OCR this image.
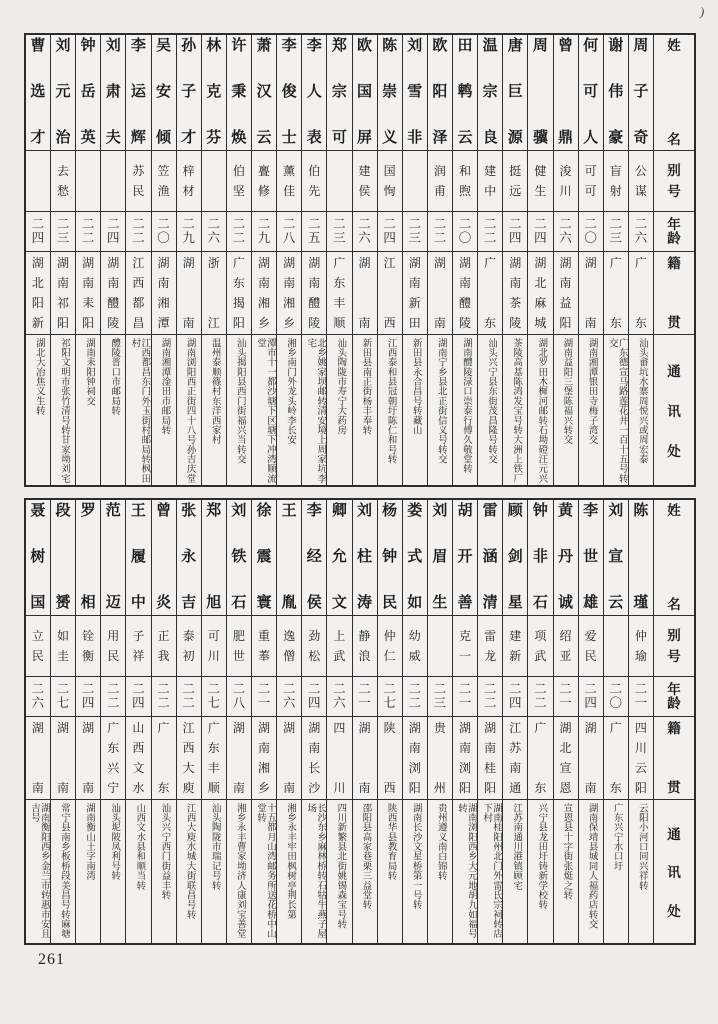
)
姓
名
别
号
年
龄
籍
贯
通
讯
处
周
子
奇
公
谋
二
六
广
东
汕头畲坑水寨周悦兴或周宏泰
谢
伟
豪
盲
射
二
三
广
东
广东德宣马路莲花井一百十五号转交
何
可
人
可
可
二
〇
湖
南
湖南湘潭银田寺梅子湾交
曾
鼎
浚
川
二
六
湖
南
益
阳
湖南益阳三堡陈福兴转交
周
骥
健
生
二
四
湖
北
麻
城
湖北罗田木樨河邮转石坳磴汪元兴
唐
巨
源
挺
远
二
四
湖
南
茶
陵
茶陵高基陈鸿发宝号转大洲上铁厂
温
宗
良
建
中
二
二
广
东
汕头兴宁县东街茂昌隆号转交
田
鹎
云
和
煦
二
〇
湖
南
醴
陵
湖南醴陵渌口崇泰行傅久敬堂转
欧
阳
泽
润
甫
二
二
湖
南
湖南宁乡县北正街信义号转交
刘
雪
非
二
三
湖
南
新
田
新田县永合昌号转藏山
陈
崇
义
国
恂
二
四
江
西
江西泰和县冠朝圩陈仁和号转
欧
国
屏
建
侯
二
六
湖
南
新田县南正街杨丰奉转
郑
宗
可
二
三
广
东
丰
顺
汕头陶陇市寿宁大药房
李
人
表
伯
先
二
五
湖
南
醴
陵
北乡姚家坝邮转清安境上周家坑李宅
李
俊
士
薰
佳
二
八
湖
南
湘
乡
湘乡南门外龙头岭李长安
萧
汉
云
亹
修
二
九
湖
南
湘
乡
潭市十一都沙塘下区塘下冲湾顺流堂
许
秉
焕
伯
坚
二
二
广
东
揭
阳
汕头揭阳县西门街福兴当转交
林
克
芬
二
六
浙
江
温州泰顺篠村东洋西家村
孙
子
才
梓
材
二
九
湖
南
湖南浏阳西正街四十八号孙吉庆堂
吴
安
倾
笠
渔
二
〇
湖
南
湘
潭
湖南湘潭淦田市邮局转
李
运
辉
苏
民
二
二
江
西
都
昌
江西都昌东门外玉街村邮局转枫田村
刘
肃
夫
二
四
湖
南
醴
陵
醴陵普口市邮局转
钟
岳
英
二
二
湖
南
耒
阳
湖南耒阳钟祠交
刘
元
治
去
愁
二
三
湖
南
祁
阳
祁阳文明市张竹清号转甘家坳刘宅
曹
选
才
二
四
湖
北
阳
新
湖北大冶焦义生转
姓
名
别
号
年
龄
籍
贯
通
讯
处
陈
瑾
仲
瑜
二
一
四
川
云
阳
云阳小河口同兴祥转
刘
宣
云
二
〇
广
东
广东兴宁水口圩
李
世
雄
爱
民
二
四
湖
南
湖南保靖县城同人福药店转交
黄
丹
诚
绍
亚
二
一
湖
北
宣
恩
宣恩县十字街张烶之转
钟
非
石
项
武
二
二
广
东
兴宁县龙田圩铸新学校转
顾
剑
星
建
新
二
四
江
苏
南
通
江苏南通川港镇顾宅
雷
涵
清
雷
龙
二
二
湖
南
桂
阳
湖南桂阳州北门外雷氏宗祠转店下村
胡
开
善
克
一
二
一
湖
南
浏
阳
湖南浏阳西乡大元地胡九如福号转
刘
眉
生
二
三
贵
州
贵州遵义南白锦转
娄
式
如
幼
威
二
二
湖
南
浏
阳
湖南长沙文星桥第一号转
杨
钟
民
仲
仁
二
七
陕
西
陕西华县教育局转
刘
柱
涛
静
浪
二
一
湖
南
邵阳县高家巷栗三益堂转
卿
允
文
上
武
二
六
四
川
四川新繁县北街姚锡森宝号转
李
经
侯
劲
松
二
四
湖
南
长
沙
长沙东乡麻林桥转石牯牛燕子屋场
王
胤
逸
僧
二
六
湖
南
湘乡永丰牢田枫树亭荆长第
徐
震
寰
重
菶
二
一
湖
南
湘
乡
十五都月山湾邮务所送花桥中山堂转
刘
铁
石
肥
世
二
八
湖
南
湘乡永丰曹家坳济人康刘宝善堂
郑
旭
可
川
二
七
广
东
丰
顺
汕头陶陇市瑞记号转
张
永
吉
泰
初
二
二
江
西
大
庾
江西大庾水城大街联昌号转
曾
炎
正
我
二
二
广
东
汕头兴宁西门街益丰转
王
履
中
子
祥
二
四
山
西
文
水
山西文水县和顺当转
范
迈
用
民
二
二
广
东
兴
宁
汕头坭陂凤利号转
罗
相
铨
衡
二
四
湖
南
湖南衡山土字南湾
段
赟
如
圭
二
七
湖
南
常宁县南乡板桥段美昌号转麻塘
聂
树
国
立
民
二
六
湖
南
湖南衡阳西乡金兰市转惠市安且吉号
261
